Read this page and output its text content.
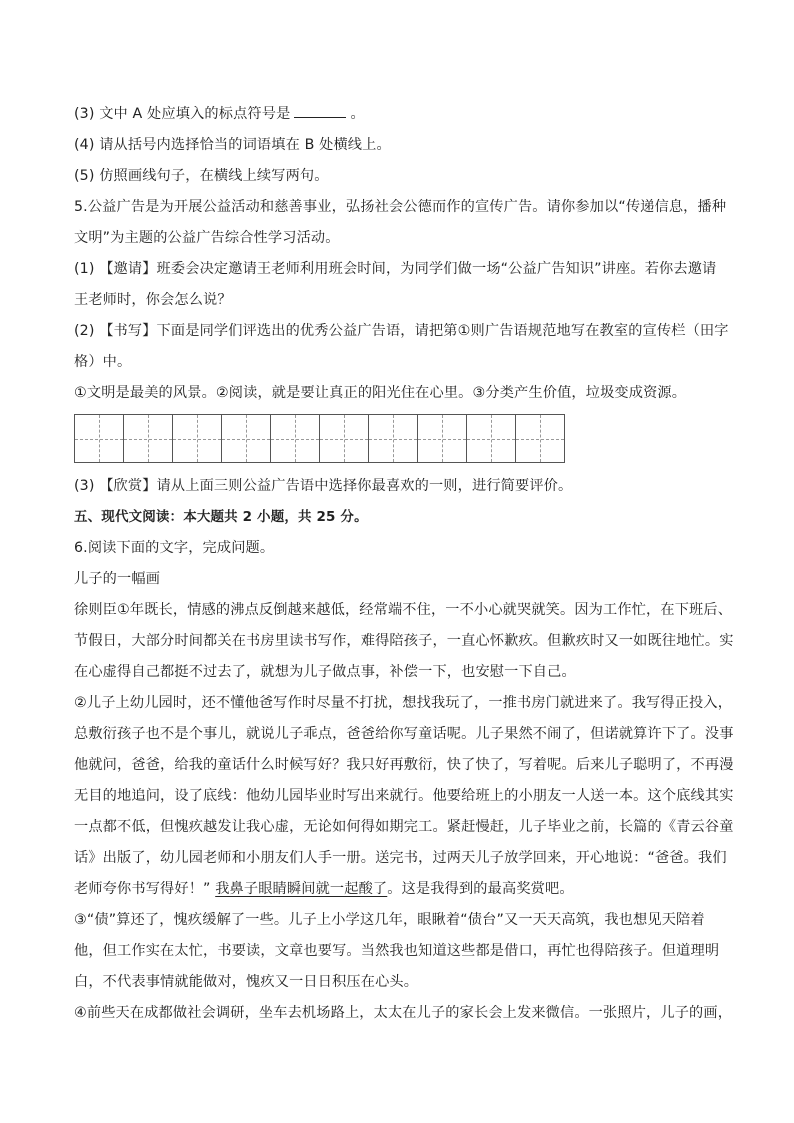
(3) 文中 A 处应填入的标点符号是	。
(4) 请从括号内选择恰当的词语填在 B 处横线上。
(5) 仿照画线句子，在横线上续写两句。
5.公益广告是为开展公益活动和慈善事业，弘扬社会公德而作的宣传广告。请你参加以“传递信息，播种
文明”为主题的公益广告综合性学习活动。
(1) 【邀请】班委会决定邀请王老师利用班会时间，为同学们做一场“公益广告知识”讲座。若你去邀请
王老师时，你会怎么说？
(2) 【书写】下面是同学们评选出的优秀公益广告语，请把第①则广告语规范地写在教室的宣传栏（田字
格）中。
①文明是最美的风景。②阅读，就是要让真正的阳光住在心里。③分类产生价值，垃圾变成资源。
(3) 【欣赏】请从上面三则公益广告语中选择你最喜欢的一则，进行简要评价。
五、现代文阅读：本大题共 2 小题，共 25 分。
6.阅读下面的文字，完成问题。
儿子的一幅画
徐则臣①年既长，情感的沸点反倒越来越低，经常端不住，一不小心就哭就笑。因为工作忙，在下班后、
节假日，大部分时间都关在书房里读书写作，难得陪孩子，一直心怀歉疚。但歉疚时又一如既往地忙。实
在心虚得自己都挺不过去了，就想为儿子做点事，补偿一下，也安慰一下自己。
②儿子上幼儿园时，还不懂他爸写作时尽量不打扰，想找我玩了，一推书房门就进来了。我写得正投入，
总敷衍孩子也不是个事儿，就说儿子乖点，爸爸给你写童话呢。儿子果然不闹了，但诺就算许下了。没事
他就问，爸爸，给我的童话什么时候写好？我只好再敷衍，快了快了，写着呢。后来儿子聪明了，不再漫
无目的地追问，设了底线：他幼儿园毕业时写出来就行。他要给班上的小朋友一人送一本。这个底线其实
一点都不低，但愧疚越发让我心虚，无论如何得如期完工。紧赶慢赶，儿子毕业之前，长篇的《青云谷童
话》出版了，幼儿园老师和小朋友们人手一册。送完书，过两天儿子放学回来，开心地说：“爸爸。我们
老师夸你书写得好！” 我鼻子眼睛瞬间就一起酸了。这是我得到的最高奖赏吧。
③“债”算还了，愧疚缓解了一些。儿子上小学这几年，眼瞅着“债台”又一天天高筑，我也想见天陪着
他，但工作实在太忙，书要读，文章也要写。当然我也知道这些都是借口，再忙也得陪孩子。但道理明
白，不代表事情就能做对，愧疚又一日日积压在心头。
④前些天在成都做社会调研，坐车去机场路上，太太在儿子的家长会上发来微信。一张照片，儿子的画，
